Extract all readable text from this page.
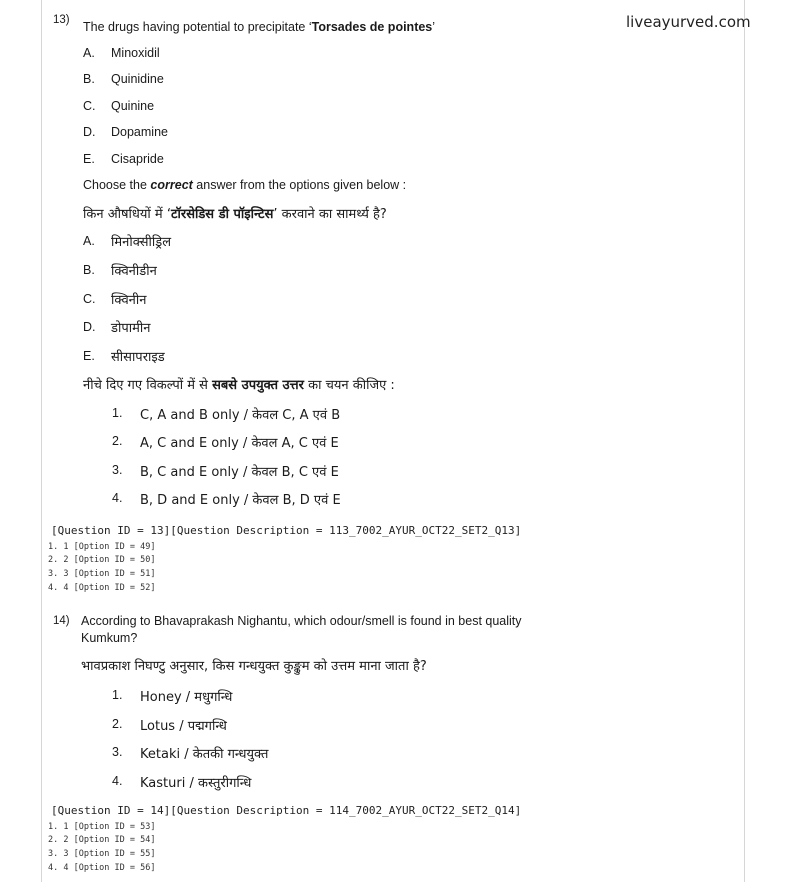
liveayurved.com
13) The drugs having potential to precipitate ‘Torsades de pointes’
A. Minoxidil
B. Quinidine
C. Quinine
D. Dopamine
E. Cisapride
Choose the correct answer from the options given below :
किन औषधियों में ‘टॉरसेडिस डी पॉइन्टिस’ करवाने का सामर्थ्य है?
A. मिनोक्सीड्रिल
B. क्विनीडीन
C. क्विनीन
D. डोपामीन
E. सीसापराइड
नीचे दिए गए विकल्पों में से सबसे उपयुक्त उत्तर का चयन कीजिए :
1. C, A and B only / केवल C, A एवं B
2. A, C and E only / केवल A, C एवं E
3. B, C and E only / केवल B, C एवं E
4. B, D and E only / केवल B, D एवं E
[Question ID = 13][Question Description = 113_7002_AYUR_OCT22_SET2_Q13]
1. 1 [Option ID = 49]
2. 2 [Option ID = 50]
3. 3 [Option ID = 51]
4. 4 [Option ID = 52]
14) According to Bhavaprakash Nighantu, which odour/smell is found in best quality
Kumkum?
भावप्रकाश निघण्टु अनुसार, किस गन्धयुक्त कुङ्कुम को उत्तम माना जाता है?
1. Honey / मधुगन्धि
2. Lotus / पद्मगन्धि
3. Ketaki / केतकी गन्धयुक्त
4. Kasturi / कस्तुरीगन्धि
[Question ID = 14][Question Description = 114_7002_AYUR_OCT22_SET2_Q14]
1. 1 [Option ID = 53]
2. 2 [Option ID = 54]
3. 3 [Option ID = 55]
4. 4 [Option ID = 56]
